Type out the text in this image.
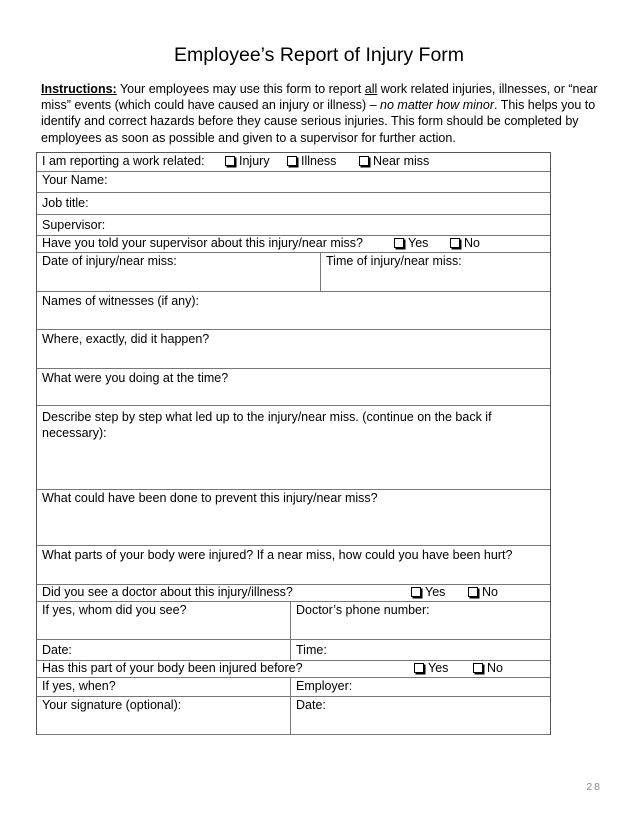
Employee’s Report of Injury Form
Instructions: Your employees may use this form to report all work related injuries, illnesses, or “near miss” events (which could have caused an injury or illness) – no matter how minor. This helps you to identify and correct hazards before they cause serious injuries. This form should be completed by employees as soon as possible and given to a supervisor for further action.
I am reporting a work related:	Injury	Illness	Near miss
Your Name:
Job title:
Supervisor:
Have you told your supervisor about this injury/near miss?	Yes	No
Date of injury/near miss:	Time of injury/near miss:
Names of witnesses (if any):
Where, exactly, did it happen?
What were you doing at the time?
Describe step by step what led up to the injury/near miss. (continue on the back if necessary):
What could have been done to prevent this injury/near miss?
What parts of your body were injured? If a near miss, how could you have been hurt?
Did you see a doctor about this injury/illness?	Yes	No
If yes, whom did you see?	Doctor’s phone number:
Date:	Time:
Has this part of your body been injured before?	Yes	No
If yes, when?	Employer:
Your signature (optional):	Date:
28
